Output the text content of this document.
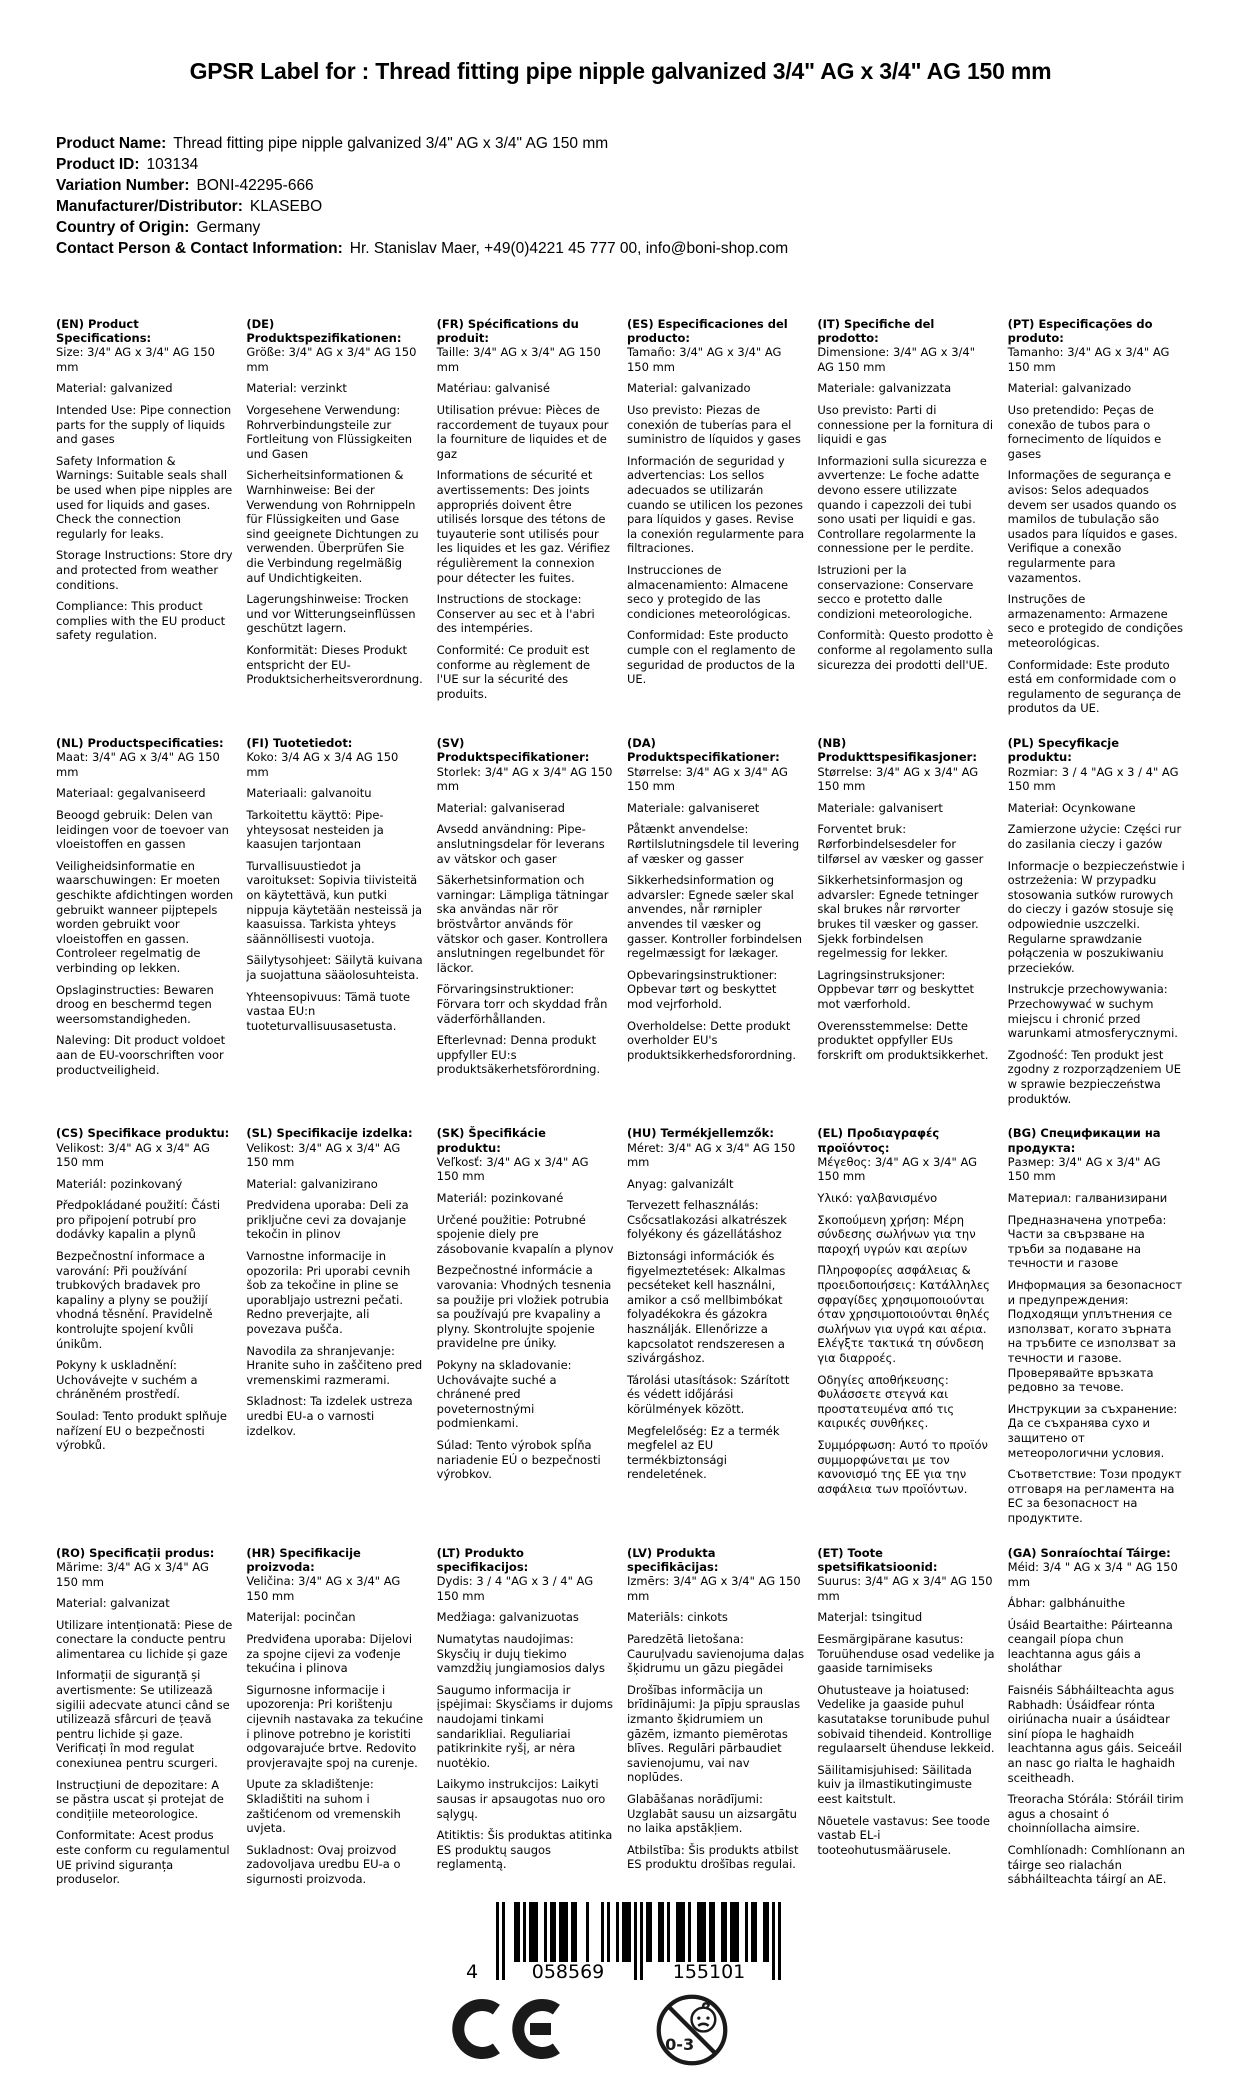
GPSR Label for : Thread fitting pipe nipple galvanized 3/4" AG x 3/4" AG 150 mm

Product Name: Thread fitting pipe nipple galvanized 3/4" AG x 3/4" AG 150 mm

Product ID: 103134

Variation Number: BONI-42295-666

Manufacturer/Distributor: KLASEBO

Country of Origin: Germany

Contact Person & Contact Information: Hr. Stanislav Maer, +49(0)4221 45 777 00, info@boni-shop.com

(EN) Product Specifications:

Size: 3/4" AG x 3/4" AG 150 mm

Material: galvanized

Intended Use: Pipe connection parts for the supply of liquids and gases

Safety Information & Warnings: Suitable seals shall be used when pipe nipples are used for liquids and gases. Check the connection regularly for leaks.

Storage Instructions: Store dry and protected from weather conditions.

Compliance: This product complies with the EU product safety regulation.

(DE) Produktspezifikationen:

Größe: 3/4" AG x 3/4" AG 150 mm

Material: verzinkt

Vorgesehene Verwendung: Rohrverbindungsteile zur Fortleitung von Flüssigkeiten und Gasen

Sicherheitsinformationen & Warnhinweise: Bei der Verwendung von Rohrnippeln für Flüssigkeiten und Gase sind geeignete Dichtungen zu verwenden. Überprüfen Sie die Verbindung regelmäßig auf Undichtigkeiten.

Lagerungshinweise: Trocken und vor Witterungseinflüssen geschützt lagern.

Konformität: Dieses Produkt entspricht der EU-Produktsicherheitsverordnung.

(FR) Spécifications du produit:

Taille: 3/4" AG x 3/4" AG 150 mm

Matériau: galvanisé

Utilisation prévue: Pièces de raccordement de tuyaux pour la fourniture de liquides et de gaz

Informations de sécurité et avertissements: Des joints appropriés doivent être utilisés lorsque des tétons de tuyauterie sont utilisés pour les liquides et les gaz. Vérifiez régulièrement la connexion pour détecter les fuites.

Instructions de stockage: Conserver au sec et à l'abri des intempéries.

Conformité: Ce produit est conforme au règlement de l'UE sur la sécurité des produits.

(ES) Especificaciones del producto:

Tamaño: 3/4" AG x 3/4" AG 150 mm

Material: galvanizado

Uso previsto: Piezas de conexión de tuberías para el suministro de líquidos y gases

Información de seguridad y advertencias: Los sellos adecuados se utilizarán cuando se utilicen los pezones para líquidos y gases. Revise la conexión regularmente para filtraciones.

Instrucciones de almacenamiento: Almacene seco y protegido de las condiciones meteorológicas.

Conformidad: Este producto cumple con el reglamento de seguridad de productos de la UE.

(IT) Specifiche del prodotto:

Dimensione: 3/4" AG x 3/4" AG 150 mm

Materiale: galvanizzata

Uso previsto: Parti di connessione per la fornitura di liquidi e gas

Informazioni sulla sicurezza e avvertenze: Le foche adatte devono essere utilizzate quando i capezzoli dei tubi sono usati per liquidi e gas. Controllare regolarmente la connessione per le perdite.

Istruzioni per la conservazione: Conservare secco e protetto dalle condizioni meteorologiche.

Conformità: Questo prodotto è conforme al regolamento sulla sicurezza dei prodotti dell'UE.

(PT) Especificações do produto:

Tamanho: 3/4" AG x 3/4" AG 150 mm

Material: galvanizado

Uso pretendido: Peças de conexão de tubos para o fornecimento de líquidos e gases

Informações de segurança e avisos: Selos adequados devem ser usados quando os mamilos de tubulação são usados para líquidos e gases. Verifique a conexão regularmente para vazamentos.

Instruções de armazenamento: Armazene seco e protegido de condições meteorológicas.

Conformidade: Este produto está em conformidade com o regulamento de segurança de produtos da UE.

(NL) Productspecificaties:

Maat: 3/4" AG x 3/4" AG 150 mm

Materiaal: gegalvaniseerd

Beoogd gebruik: Delen van leidingen voor de toevoer van vloeistoffen en gassen

Veiligheidsinformatie en waarschuwingen: Er moeten geschikte afdichtingen worden gebruikt wanneer pijptepels worden gebruikt voor vloeistoffen en gassen. Controleer regelmatig de verbinding op lekken.

Opslaginstructies: Bewaren droog en beschermd tegen weersomstandigheden.

Naleving: Dit product voldoet aan de EU-voorschriften voor productveiligheid.

(FI) Tuotetiedot:

Koko: 3/4 AG x 3/4 AG 150 mm

Materiaali: galvanoitu

Tarkoitettu käyttö: Pipe-yhteysosat nesteiden ja kaasujen tarjontaan

Turvallisuustiedot ja varoitukset: Sopivia tiivisteitä on käytettävä, kun putki nippuja käytetään nesteissä ja kaasuissa. Tarkista yhteys säännöllisesti vuotoja.

Säilytysohjeet: Säilytä kuivana ja suojattuna sääolosuhteista.

Yhteensopivuus: Tämä tuote vastaa EU:n tuoteturvallisuusasetusta.

(SV) Produktspecifikationer:

Storlek: 3/4" AG x 3/4" AG 150 mm

Material: galvaniserad

Avsedd användning: Pipe-anslutningsdelar för leverans av vätskor och gaser

Säkerhetsinformation och varningar: Lämpliga tätningar ska användas när rör bröstvårtor används för vätskor och gaser. Kontrollera anslutningen regelbundet för läckor.

Förvaringsinstruktioner: Förvara torr och skyddad från väderförhållanden.

Efterlevnad: Denna produkt uppfyller EU:s produktsäkerhetsförordning.

(DA) Produktspecifikationer:

Størrelse: 3/4" AG x 3/4" AG 150 mm

Materiale: galvaniseret

Påtænkt anvendelse: Rørtilslutningsdele til levering af væsker og gasser

Sikkerhedsinformation og advarsler: Egnede sæler skal anvendes, når rørnipler anvendes til væsker og gasser. Kontroller forbindelsen regelmæssigt for lækager.

Opbevaringsinstruktioner: Opbevar tørt og beskyttet mod vejrforhold.

Overholdelse: Dette produkt overholder EU's produktsikkerhedsforordning.

(NB) Produkttspesifikasjoner:

Størrelse: 3/4" AG x 3/4" AG 150 mm

Materiale: galvanisert

Forventet bruk: Rørforbindelsesdeler for tilførsel av væsker og gasser

Sikkerhetsinformasjon og advarsler: Egnede tetninger skal brukes når rørvorter brukes til væsker og gasser. Sjekk forbindelsen regelmessig for lekker.

Lagringsinstruksjoner: Oppbevar tørr og beskyttet mot værforhold.

Overensstemmelse: Dette produktet oppfyller EUs forskrift om produktsikkerhet.

(PL) Specyfikacje produktu:

Rozmiar: 3 / 4 "AG x 3 / 4" AG 150 mm

Materiał: Ocynkowane

Zamierzone użycie: Części rur do zasilania cieczy i gazów

Informacje o bezpieczeństwie i ostrzeżenia: W przypadku stosowania sutków rurowych do cieczy i gazów stosuje się odpowiednie uszczelki. Regularne sprawdzanie połączenia w poszukiwaniu przecieków.

Instrukcje przechowywania: Przechowywać w suchym miejscu i chronić przed warunkami atmosferycznymi.

Zgodność: Ten produkt jest zgodny z rozporządzeniem UE w sprawie bezpieczeństwa produktów.

(CS) Specifikace produktu:

Velikost: 3/4" AG x 3/4" AG 150 mm

Materiál: pozinkovaný

Předpokládané použití: Části pro připojení potrubí pro dodávky kapalin a plynů

Bezpečnostní informace a varování: Při používání trubkových bradavek pro kapaliny a plyny se použijí vhodná těsnění. Pravidelně kontrolujte spojení kvůli únikům.

Pokyny k uskladnění: Uchovávejte v suchém a chráněném prostředí.

Soulad: Tento produkt splňuje nařízení EU o bezpečnosti výrobků.

(SL) Specifikacije izdelka:

Velikost: 3/4" AG x 3/4" AG 150 mm

Material: galvanizirano

Predvidena uporaba: Deli za priključne cevi za dovajanje tekočin in plinov

Varnostne informacije in opozorila: Pri uporabi cevnih šob za tekočine in pline se uporabljajo ustrezni pečati. Redno preverjajte, ali povezava pušča.

Navodila za shranjevanje: Hranite suho in zaščiteno pred vremenskimi razmerami.

Skladnost: Ta izdelek ustreza uredbi EU-a o varnosti izdelkov.

(SK) Špecifikácie produktu:

Veľkosť: 3/4" AG x 3/4" AG 150 mm

Materiál: pozinkované

Určené použitie: Potrubné spojenie diely pre zásobovanie kvapalín a plynov

Bezpečnostné informácie a varovania: Vhodných tesnenia sa použije pri vložiek potrubia sa používajú pre kvapaliny a plyny. Skontrolujte spojenie pravidelne pre úniky.

Pokyny na skladovanie: Uchovávajte suché a chránené pred poveternostnými podmienkami.

Súlad: Tento výrobok spĺňa nariadenie EÚ o bezpečnosti výrobkov.

(HU) Termékjellemzők:

Méret: 3/4" AG x 3/4" AG 150 mm

Anyag: galvanizált

Tervezett felhasználás: Csőcsatlakozási alkatrészek folyékony és gázellátáshoz

Biztonsági információk és figyelmeztetések: Alkalmas pecséteket kell használni, amikor a cső mellbimbókat folyadékokra és gázokra használják. Ellenőrizze a kapcsolatot rendszeresen a szivárgáshoz.

Tárolási utasítások: Szárított és védett időjárási körülmények között.

Megfelelőség: Ez a termék megfelel az EU termékbiztonsági rendeletének.

(EL) Προδιαγραφές προϊόντος:

Μέγεθος: 3/4" AG x 3/4" AG 150 mm

Υλικό: γαλβανισμένο

Σκοπούμενη χρήση: Μέρη σύνδεσης σωλήνων για την παροχή υγρών και αερίων

Πληροφορίες ασφάλειας & προειδοποιήσεις: Κατάλληλες σφραγίδες χρησιμοποιούνται όταν χρησιμοποιούνται θηλές σωλήνων για υγρά και αέρια. Ελέγξτε τακτικά τη σύνδεση για διαρροές.

Οδηγίες αποθήκευσης: Φυλάσσετε στεγνά και προστατευμένα από τις καιρικές συνθήκες.

Συμμόρφωση: Αυτό το προϊόν συμμορφώνεται με τον κανονισμό της ΕΕ για την ασφάλεια των προϊόντων.

(BG) Спецификации на продукта:

Размер: 3/4" AG x 3/4" AG 150 mm

Материал: галванизирани

Предназначена употреба: Части за свързване на тръби за подаване на течности и газове

Информация за безопасност и предупреждения: Подходящи уплътнения се използват, когато зърната на тръбите се използват за течности и газове. Проверявайте връзката редовно за течове.

Инструкции за съхранение: Да се съхранява сухо и защитено от метеорологични условия.

Съответствие: Този продукт отговаря на регламента на ЕС за безопасност на продуктите.

(RO) Specificații produs:

Mărime: 3/4" AG x 3/4" AG 150 mm

Material: galvanizat

Utilizare intenționată: Piese de conectare la conducte pentru alimentarea cu lichide și gaze

Informații de siguranță și avertismente: Se utilizează sigilii adecvate atunci când se utilizează sfârcuri de țeavă pentru lichide și gaze. Verificați în mod regulat conexiunea pentru scurgeri.

Instrucțiuni de depozitare: A se păstra uscat și protejat de condițiile meteorologice.

Conformitate: Acest produs este conform cu regulamentul UE privind siguranța produselor.

(HR) Specifikacije proizvoda:

Veličina: 3/4" AG x 3/4" AG 150 mm

Materijal: pocinčan

Predviđena uporaba: Dijelovi za spojne cijevi za vođenje tekućina i plinova

Sigurnosne informacije i upozorenja: Pri korištenju cijevnih nastavaka za tekućine i plinove potrebno je koristiti odgovarajuće brtve. Redovito provjeravajte spoj na curenje.

Upute za skladištenje: Skladištiti na suhom i zaštićenom od vremenskih uvjeta.

Sukladnost: Ovaj proizvod zadovoljava uredbu EU-a o sigurnosti proizvoda.

(LT) Produkto specifikacijos:

Dydis: 3 / 4 "AG x 3 / 4" AG 150 mm

Medžiaga: galvanizuotas

Numatytas naudojimas: Skysčių ir dujų tiekimo vamzdžių jungiamosios dalys

Saugumo informacija ir įspėjimai: Skysčiams ir dujoms naudojami tinkami sandarikliai. Reguliariai patikrinkite ryšį, ar nėra nuotėkio.

Laikymo instrukcijos: Laikyti sausas ir apsaugotas nuo oro sąlygų.

Atitiktis: Šis produktas atitinka ES produktų saugos reglamentą.

(LV) Produkta specifikācijas:

Izmērs: 3/4" AG x 3/4" AG 150 mm

Materiāls: cinkots

Paredzētā lietošana: Cauruļvadu savienojuma daļas šķidrumu un gāzu piegādei

Drošības informācija un brīdinājumi: Ja pīpju sprauslas izmanto šķidrumiem un gāzēm, izmanto piemērotas blīves. Regulāri pārbaudiet savienojumu, vai nav noplūdes.

Glabāšanas norādījumi: Uzglabāt sausu un aizsargātu no laika apstākļiem.

Atbilstība: Šis produkts atbilst ES produktu drošības regulai.

(ET) Toote spetsifikatsioonid:

Suurus: 3/4" AG x 3/4" AG 150 mm

Materjal: tsingitud

Eesmärgipärane kasutus: Toruühenduse osad vedelike ja gaaside tarnimiseks

Ohutusteave ja hoiatused: Vedelike ja gaaside puhul kasutatakse torunibude puhul sobivaid tihendeid. Kontrollige regulaarselt ühenduse lekkeid.

Säilitamisjuhised: Säilitada kuiv ja ilmastikutingimuste eest kaitstult.

Nõuetele vastavus: See toode vastab EL-i tooteohutusmäärusele.

(GA) Sonraíochtaí Táirge:

Méid: 3/4 " AG x 3/4 " AG 150 mm

Ábhar: galbhánuithe

Úsáid Beartaithe: Páirteanna ceangail píopa chun leachtanna agus gáis a sholáthar

Faisnéis Sábháilteachta agus Rabhadh: Úsáidfear rónta oiriúnacha nuair a úsáidtear siní píopa le haghaidh leachtanna agus gáis. Seiceáil an nasc go rialta le haghaidh sceitheadh.

Treoracha Stórála: Stóráil tirim agus a chosaint ó choinníollacha aimsire.

Comhlíonadh: Comhlíonann an táirge seo rialachán sábháilteachta táirgí an AE.

4	058569	155101
0-3
